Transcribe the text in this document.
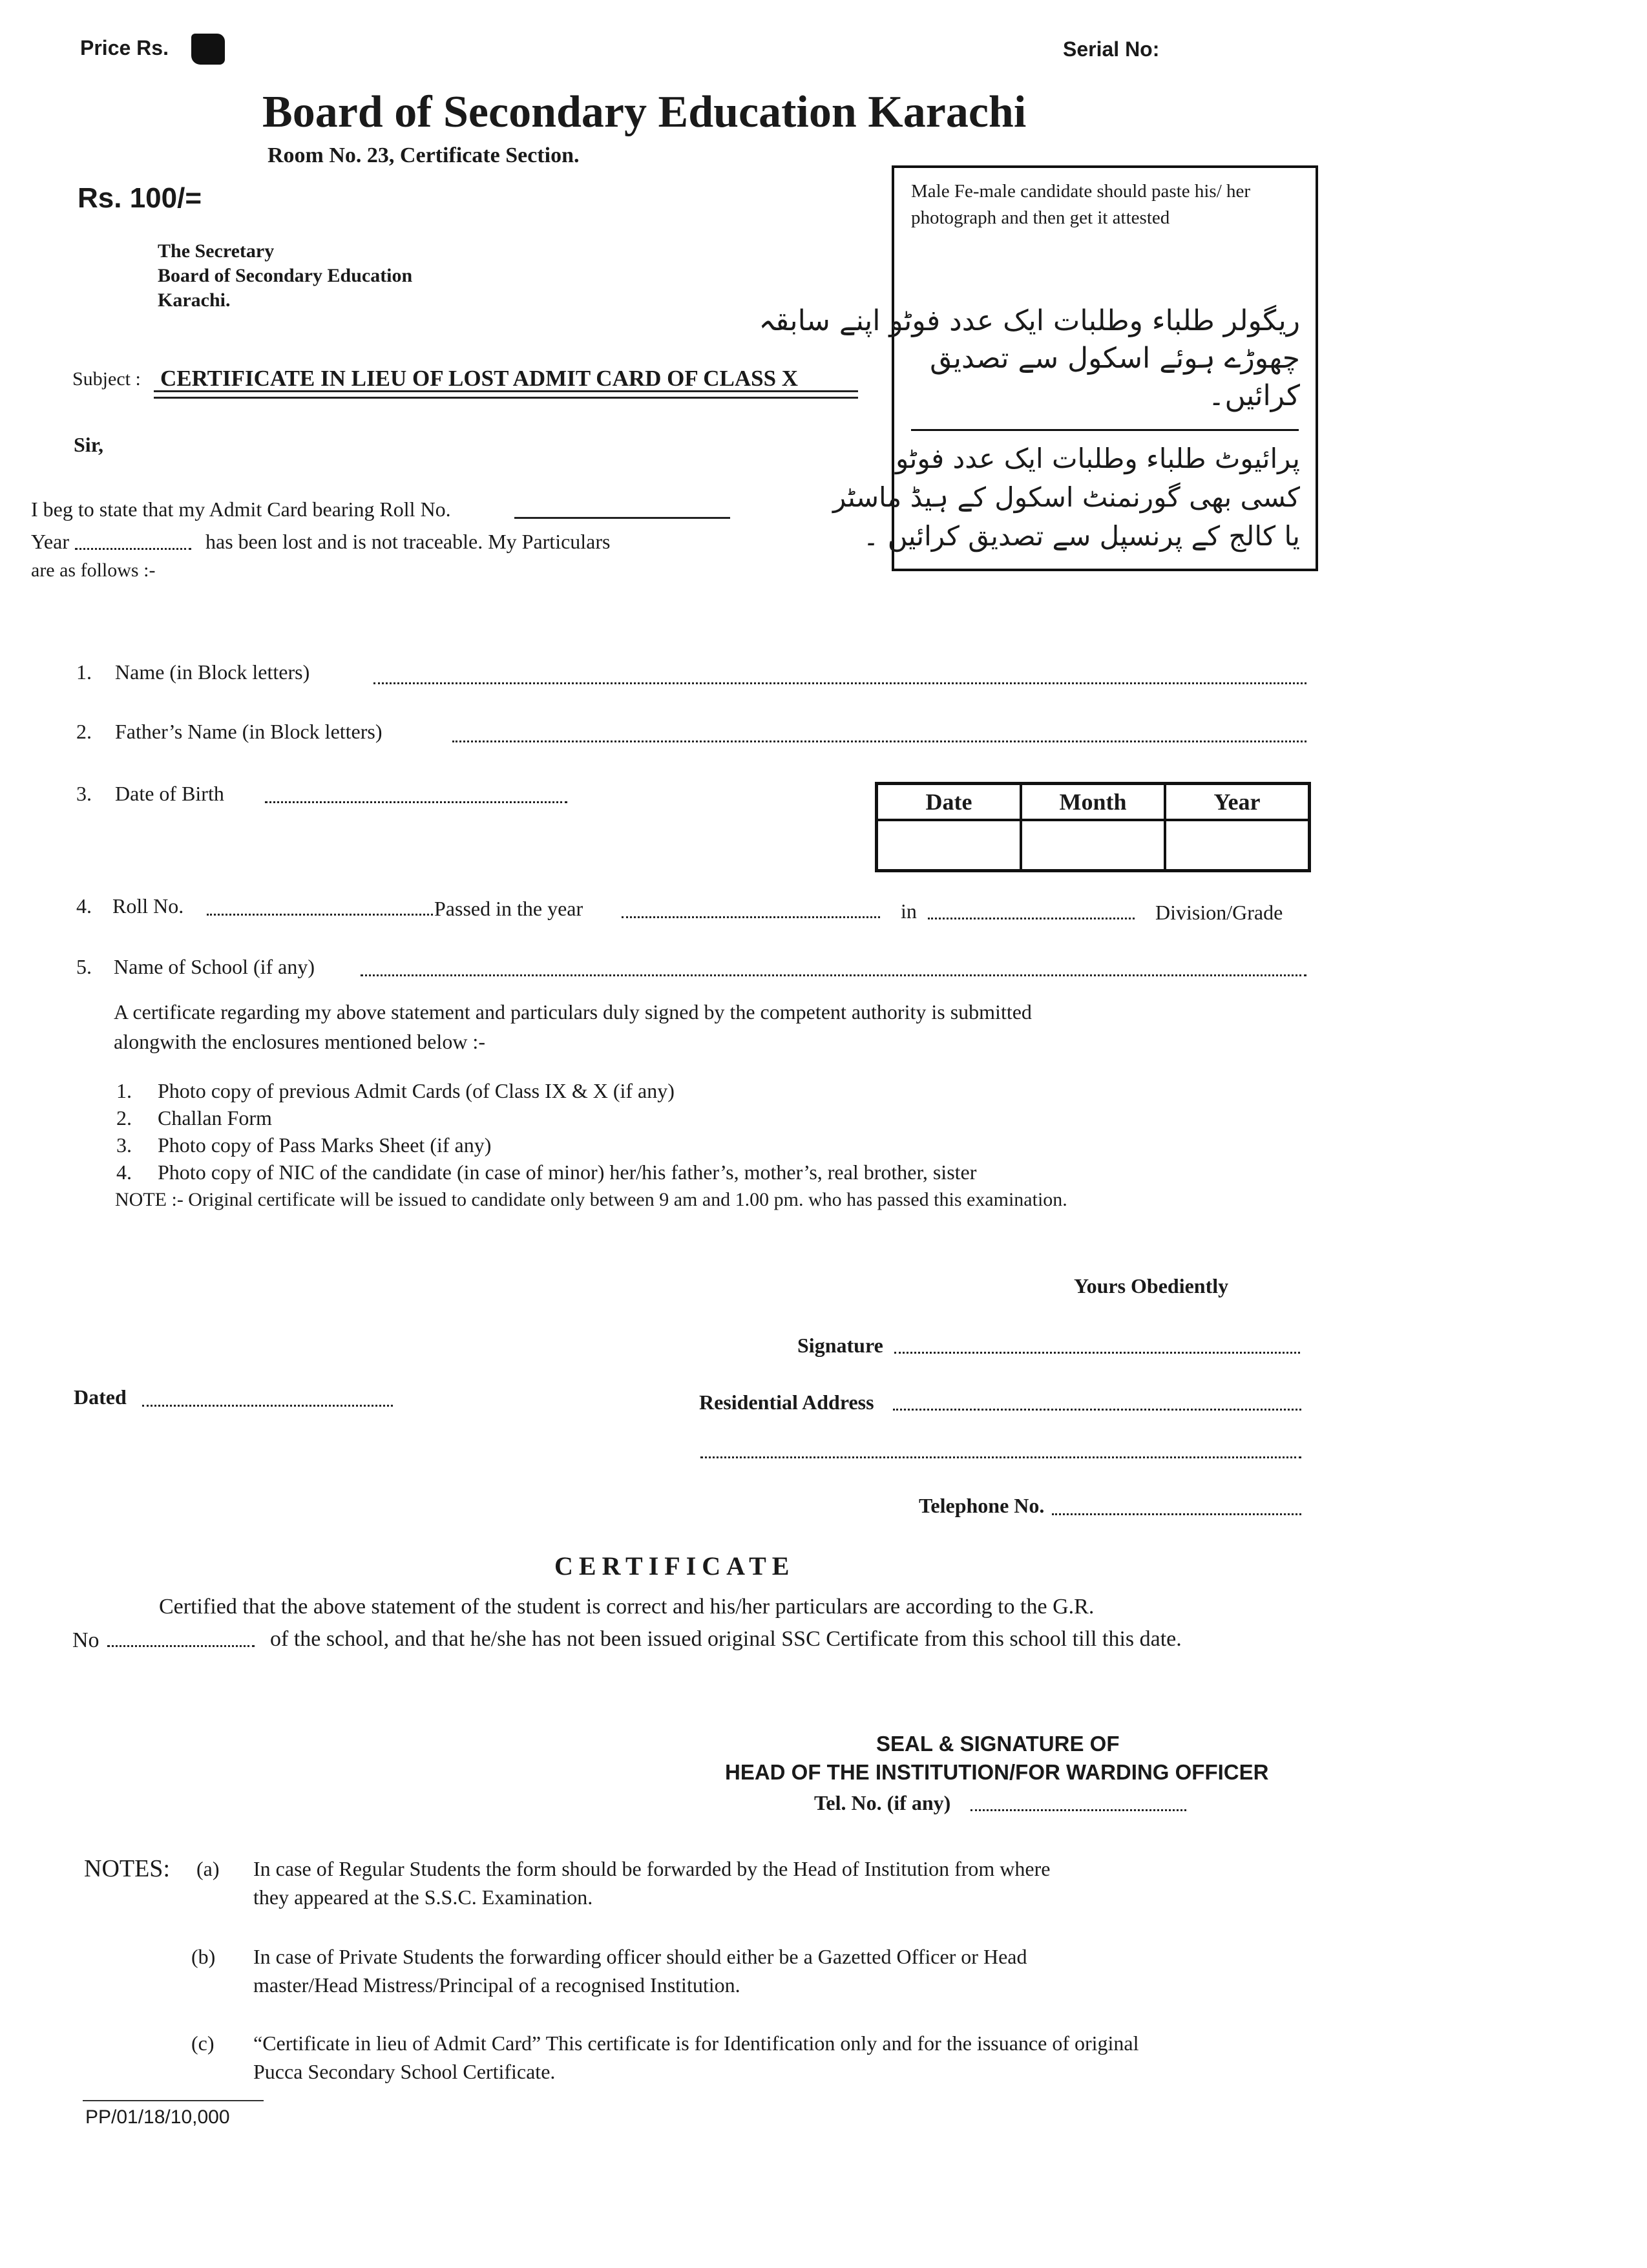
Price Rs.	Serial No:
Board of Secondary Education Karachi
Room No. 23, Certificate Section.
Rs. 100/=
The Secretary
Board of Secondary Education
Karachi.
Male Fe-male candidate should paste his/ her photograph and then get it attested
ریگولر طلباء وطلبات ایک عدد فوٹو اپنے سابقہ
چھوڑے ہوئے اسکول سے تصدیق
کرائیں۔
پرائیوٹ طلباء وطلبات ایک عدد فوٹو
کسی بھی گورنمنٹ اسکول کے ہیڈ ماسٹر
یا کالج کے پرنسپل سے تصدیق کرائیں ۔
Subject : CERTIFICATE IN LIEU OF LOST ADMIT CARD OF CLASS X
Sir,
I beg to state that my Admit Card bearing Roll No.
Year	has been lost and is not traceable. My Particulars
are as follows :-
1. Name (in Block letters)
2. Father’s Name (in Block letters)
3. Date of Birth	Date	Month	Year

4. Roll No.	Passed in the year	in	Division/Grade
5. Name of School (if any)
A certificate regarding my above statement and particulars duly signed by the competent authority is submitted
alongwith the enclosures mentioned below :-
1. Photo copy of previous Admit Cards (of Class IX & X (if any)
2. Challan Form
3. Photo copy of Pass Marks Sheet (if any)
4. Photo copy of NIC of the candidate (in case of minor) her/his father’s, mother’s, real brother, sister
NOTE :- Original certificate will be issued to candidate only between 9 am and 1.00 pm. who has passed this examination.
Yours Obediently
Signature
Dated	Residential Address
Telephone No.
CERTIFICATE
Certified that the above statement of the student is correct and his/her particulars are according to the G.R.
No	of the school, and that he/she has not been issued original SSC Certificate from this school till this date.
SEAL & SIGNATURE OF
HEAD OF THE INSTITUTION/FOR WARDING OFFICER
Tel. No. (if any)
NOTES: (a) In case of Regular Students the form should be forwarded by the Head of Institution from where
they appeared at the S.S.C. Examination.
(b) In case of Private Students the forwarding officer should either be a Gazetted Officer or Head
master/Head Mistress/Principal of a recognised Institution.
(c) “Certificate in lieu of Admit Card” This certificate is for Identification only and for the issuance of original
Pucca Secondary School Certificate.
PP/01/18/10,000
